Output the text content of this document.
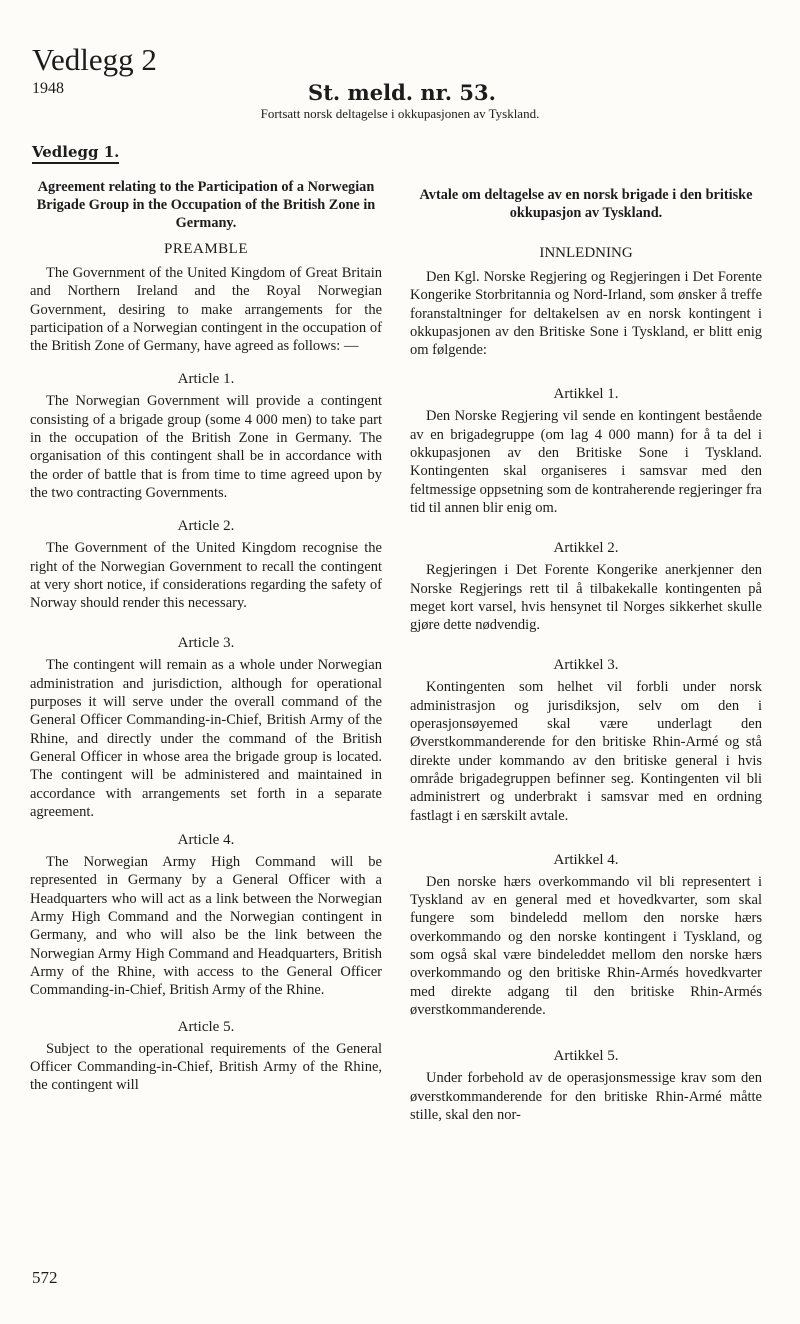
Vedlegg 2
1948	St. meld. nr. 53.
Fortsatt norsk deltagelse i okkupasjonen av Tyskland.
Vedlegg 1.

Agreement relating to the Participation of a Norwegian Brigade Group in the Occupation of the British Zone in Germany.

PREAMBLE

The Government of the United Kingdom of Great Britain and Northern Ireland and the Royal Norwegian Government, desiring to make arrangements for the participation of a Norwegian contingent in the occupation of the British Zone of Germany, have agreed as follows: —

Article 1.

The Norwegian Government will provide a contingent consisting of a brigade group (some 4 000 men) to take part in the occupation of the British Zone in Germany. The organisation of this contingent shall be in accordance with the order of battle that is from time to time agreed upon by the two contracting Governments.

Article 2.

The Government of the United Kingdom recognise the right of the Norwegian Government to recall the contingent at very short notice, if considerations regarding the safety of Norway should render this necessary.

Article 3.

The contingent will remain as a whole under Norwegian administration and jurisdiction, although for operational purposes it will serve under the overall command of the General Officer Commanding-in-Chief, British Army of the Rhine, and directly under the command of the British General Officer in whose area the brigade group is located. The contingent will be administered and maintained in accordance with arrangements set forth in a separate agreement.

Article 4.

The Norwegian Army High Command will be represented in Germany by a General Officer with a Headquarters who will act as a link between the Norwegian Army High Command and the Norwegian contingent in Germany, and who will also be the link between the Norwegian Army High Command and Headquarters, British Army of the Rhine, with access to the General Officer Commanding-in-Chief, British Army of the Rhine.

Article 5.

Subject to the operational requirements of the General Officer Commanding-in-Chief, British Army of the Rhine, the contingent will

Avtale om deltagelse av en norsk brigade i den britiske okkupasjon av Tyskland.

INNLEDNING

Den Kgl. Norske Regjering og Regjeringen i Det Forente Kongerike Storbritannia og Nord-Irland, som ønsker å treffe foranstaltninger for deltakelsen av en norsk kontingent i okkupasjonen av den Britiske Sone i Tyskland, er blitt enig om følgende:

Artikkel 1.

Den Norske Regjering vil sende en kontingent bestående av en brigadegruppe (om lag 4 000 mann) for å ta del i okkupasjonen av den Britiske Sone i Tyskland. Kontingenten skal organiseres i samsvar med den feltmessige oppsetning som de kontraherende regjeringer fra tid til annen blir enig om.

Artikkel 2.

Regjeringen i Det Forente Kongerike anerkjenner den Norske Regjerings rett til å tilbakekalle kontingenten på meget kort varsel, hvis hensynet til Norges sikkerhet skulle gjøre dette nødvendig.

Artikkel 3.

Kontingenten som helhet vil forbli under norsk administrasjon og jurisdiksjon, selv om den i operasjonsøyemed skal være underlagt den Øverstkommanderende for den britiske Rhin-Armé og stå direkte under kommando av den britiske general i hvis område brigadegruppen befinner seg. Kontingenten vil bli administrert og underbrakt i samsvar med en ordning fastlagt i en særskilt avtale.

Artikkel 4.

Den norske hærs overkommando vil bli representert i Tyskland av en general med et hovedkvarter, som skal fungere som bindeledd mellom den norske hærs overkommando og den norske kontingent i Tyskland, og som også skal være bindeleddet mellom den norske hærs overkommando og den britiske Rhin-Armés hovedkvarter med direkte adgang til den britiske Rhin-Armés øverstkommanderende.

Artikkel 5.

Under forbehold av de operasjonsmessige krav som den øverstkommanderende for den britiske Rhin-Armé måtte stille, skal den nor-

572
